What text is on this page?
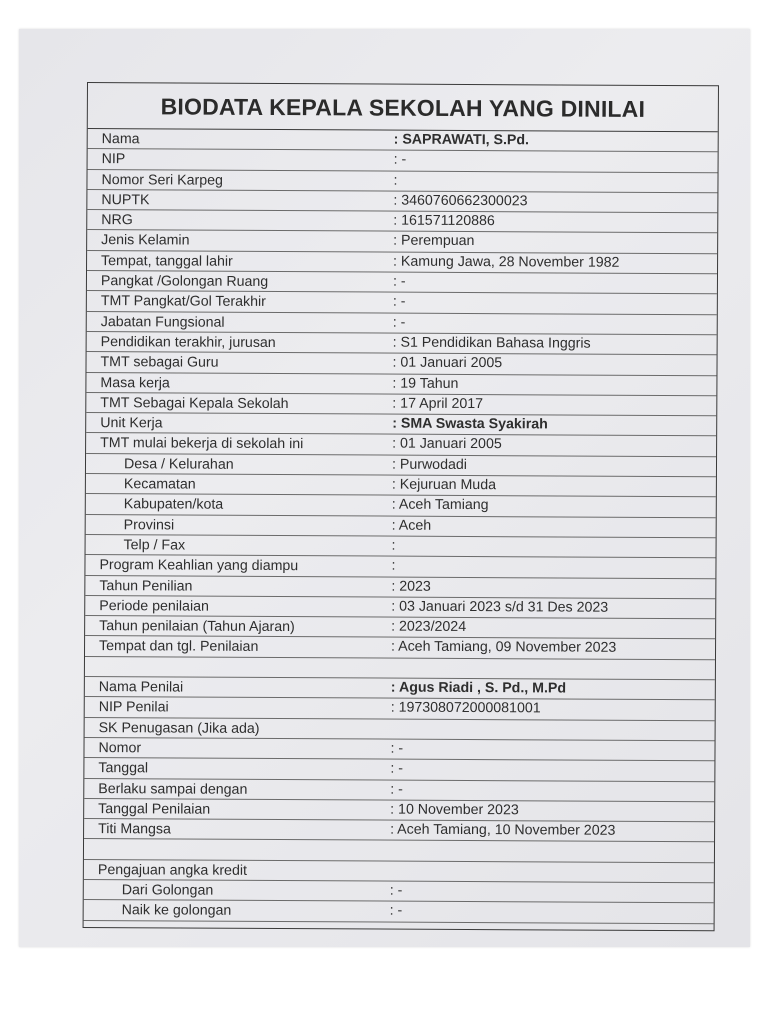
BIODATA KEPALA SEKOLAH YANG DINILAI
Nama	: SAPRAWATI, S.Pd.
NIP	: -
Nomor Seri Karpeg	:
NUPTK	: 3460760662300023
NRG	: 161571120886
Jenis Kelamin	: Perempuan
Tempat, tanggal lahir	: Kamung Jawa, 28 November 1982
Pangkat /Golongan Ruang	: -
TMT Pangkat/Gol Terakhir	: -
Jabatan Fungsional	: -
Pendidikan terakhir, jurusan	: S1 Pendidikan Bahasa Inggris
TMT sebagai Guru	: 01 Januari 2005
Masa kerja	: 19 Tahun
TMT Sebagai Kepala Sekolah	: 17 April 2017
Unit Kerja	: SMA Swasta Syakirah
TMT mulai bekerja di sekolah ini	: 01 Januari 2005
Desa / Kelurahan	: Purwodadi
Kecamatan	: Kejuruan Muda
Kabupaten/kota	: Aceh Tamiang
Provinsi	: Aceh
Telp / Fax	:
Program Keahlian yang diampu	:
Tahun Penilian	: 2023
Periode penilaian	: 03 Januari 2023 s/d 31 Des 2023
Tahun penilaian (Tahun Ajaran)	: 2023/2024
Tempat dan tgl. Penilaian	: Aceh Tamiang, 09 November 2023
Nama Penilai	: Agus Riadi , S. Pd., M.Pd
NIP Penilai	: 197308072000081001
SK Penugasan (Jika ada)
Nomor	: -
Tanggal	: -
Berlaku sampai dengan	: -
Tanggal Penilaian	: 10 November 2023
Titi Mangsa	: Aceh Tamiang, 10 November 2023
Pengajuan angka kredit
Dari Golongan	: -
Naik ke golongan	: -
